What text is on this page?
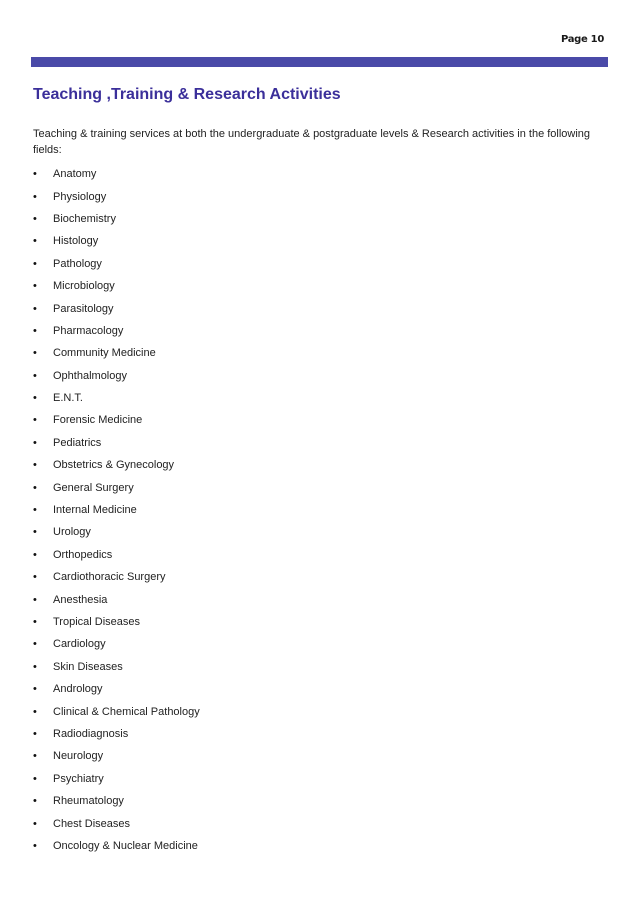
Page 10
Teaching ,Training & Research Activities

Teaching & training services at both the undergraduate & postgraduate levels & Research activities in the following fields:

•	Anatomy
•	Physiology
•	Biochemistry
•	Histology
•	Pathology
•	Microbiology
•	Parasitology
•	Pharmacology
•	Community Medicine
•	Ophthalmology
•	E.N.T.
•	Forensic Medicine
•	Pediatrics
•	Obstetrics & Gynecology
•	General Surgery
•	Internal Medicine
•	Urology
•	Orthopedics
•	Cardiothoracic Surgery
•	Anesthesia
•	Tropical Diseases
•	Cardiology
•	Skin Diseases
•	Andrology
•	Clinical & Chemical Pathology
•	Radiodiagnosis
•	Neurology
•	Psychiatry
•	Rheumatology
•	Chest Diseases
•	Oncology & Nuclear Medicine
